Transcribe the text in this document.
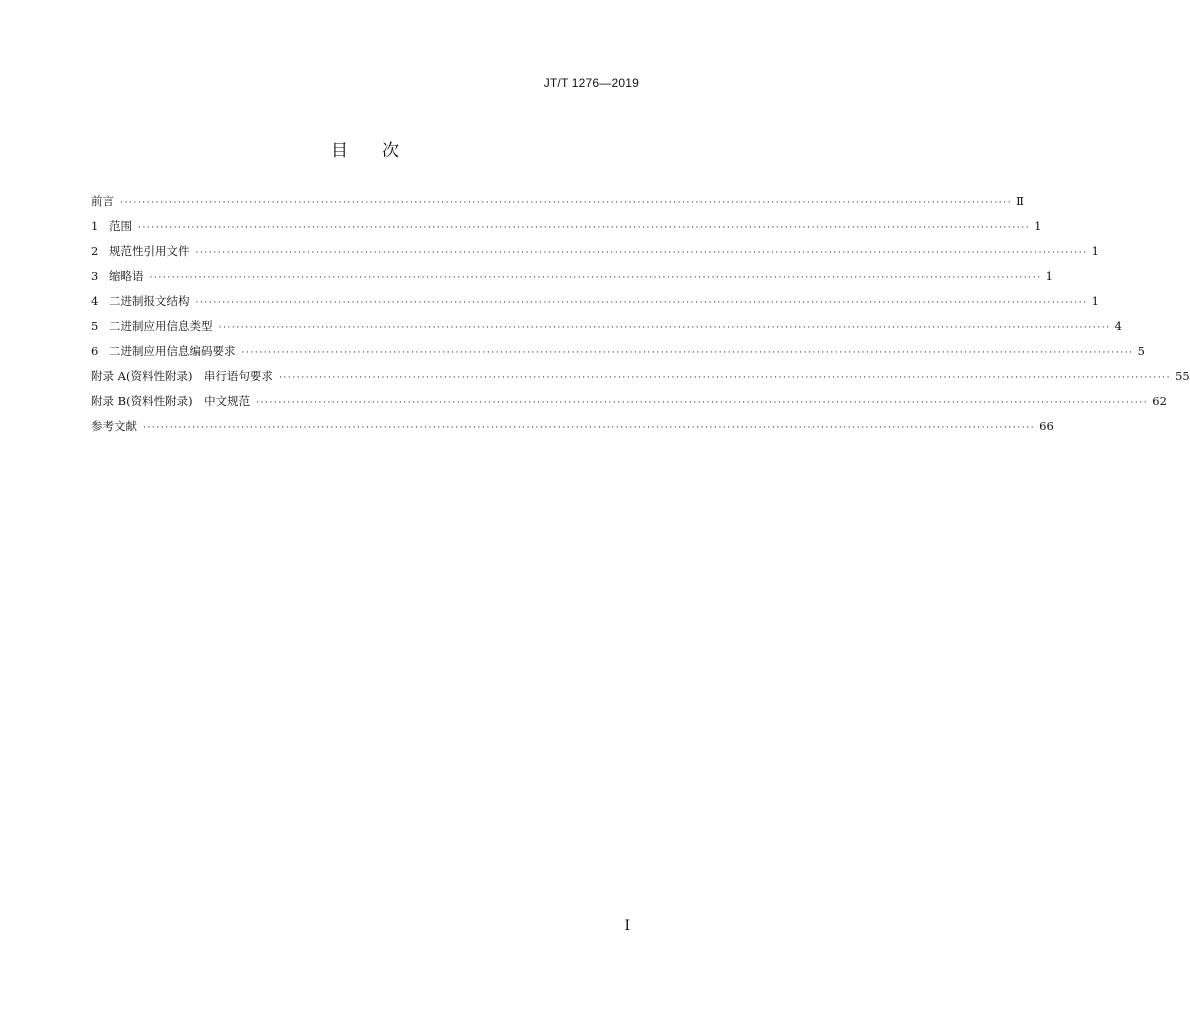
JT/T 1276—2019
目次
前言 ········································································································································································································ Ⅱ
1 范围 ········································································································································································································ 1
2 规范性引用文件 ········································································································································································································ 1
3 缩略语 ········································································································································································································ 1
4 二进制报文结构 ········································································································································································································ 1
5 二进制应用信息类型 ········································································································································································································ 4
6 二进制应用信息编码要求 ········································································································································································································ 5
附录 A(资料性附录)　串行语句要求 ········································································································································································································ 55
附录 B(资料性附录)　中文规范 ········································································································································································································ 62
参考文献 ········································································································································································································ 66
I
